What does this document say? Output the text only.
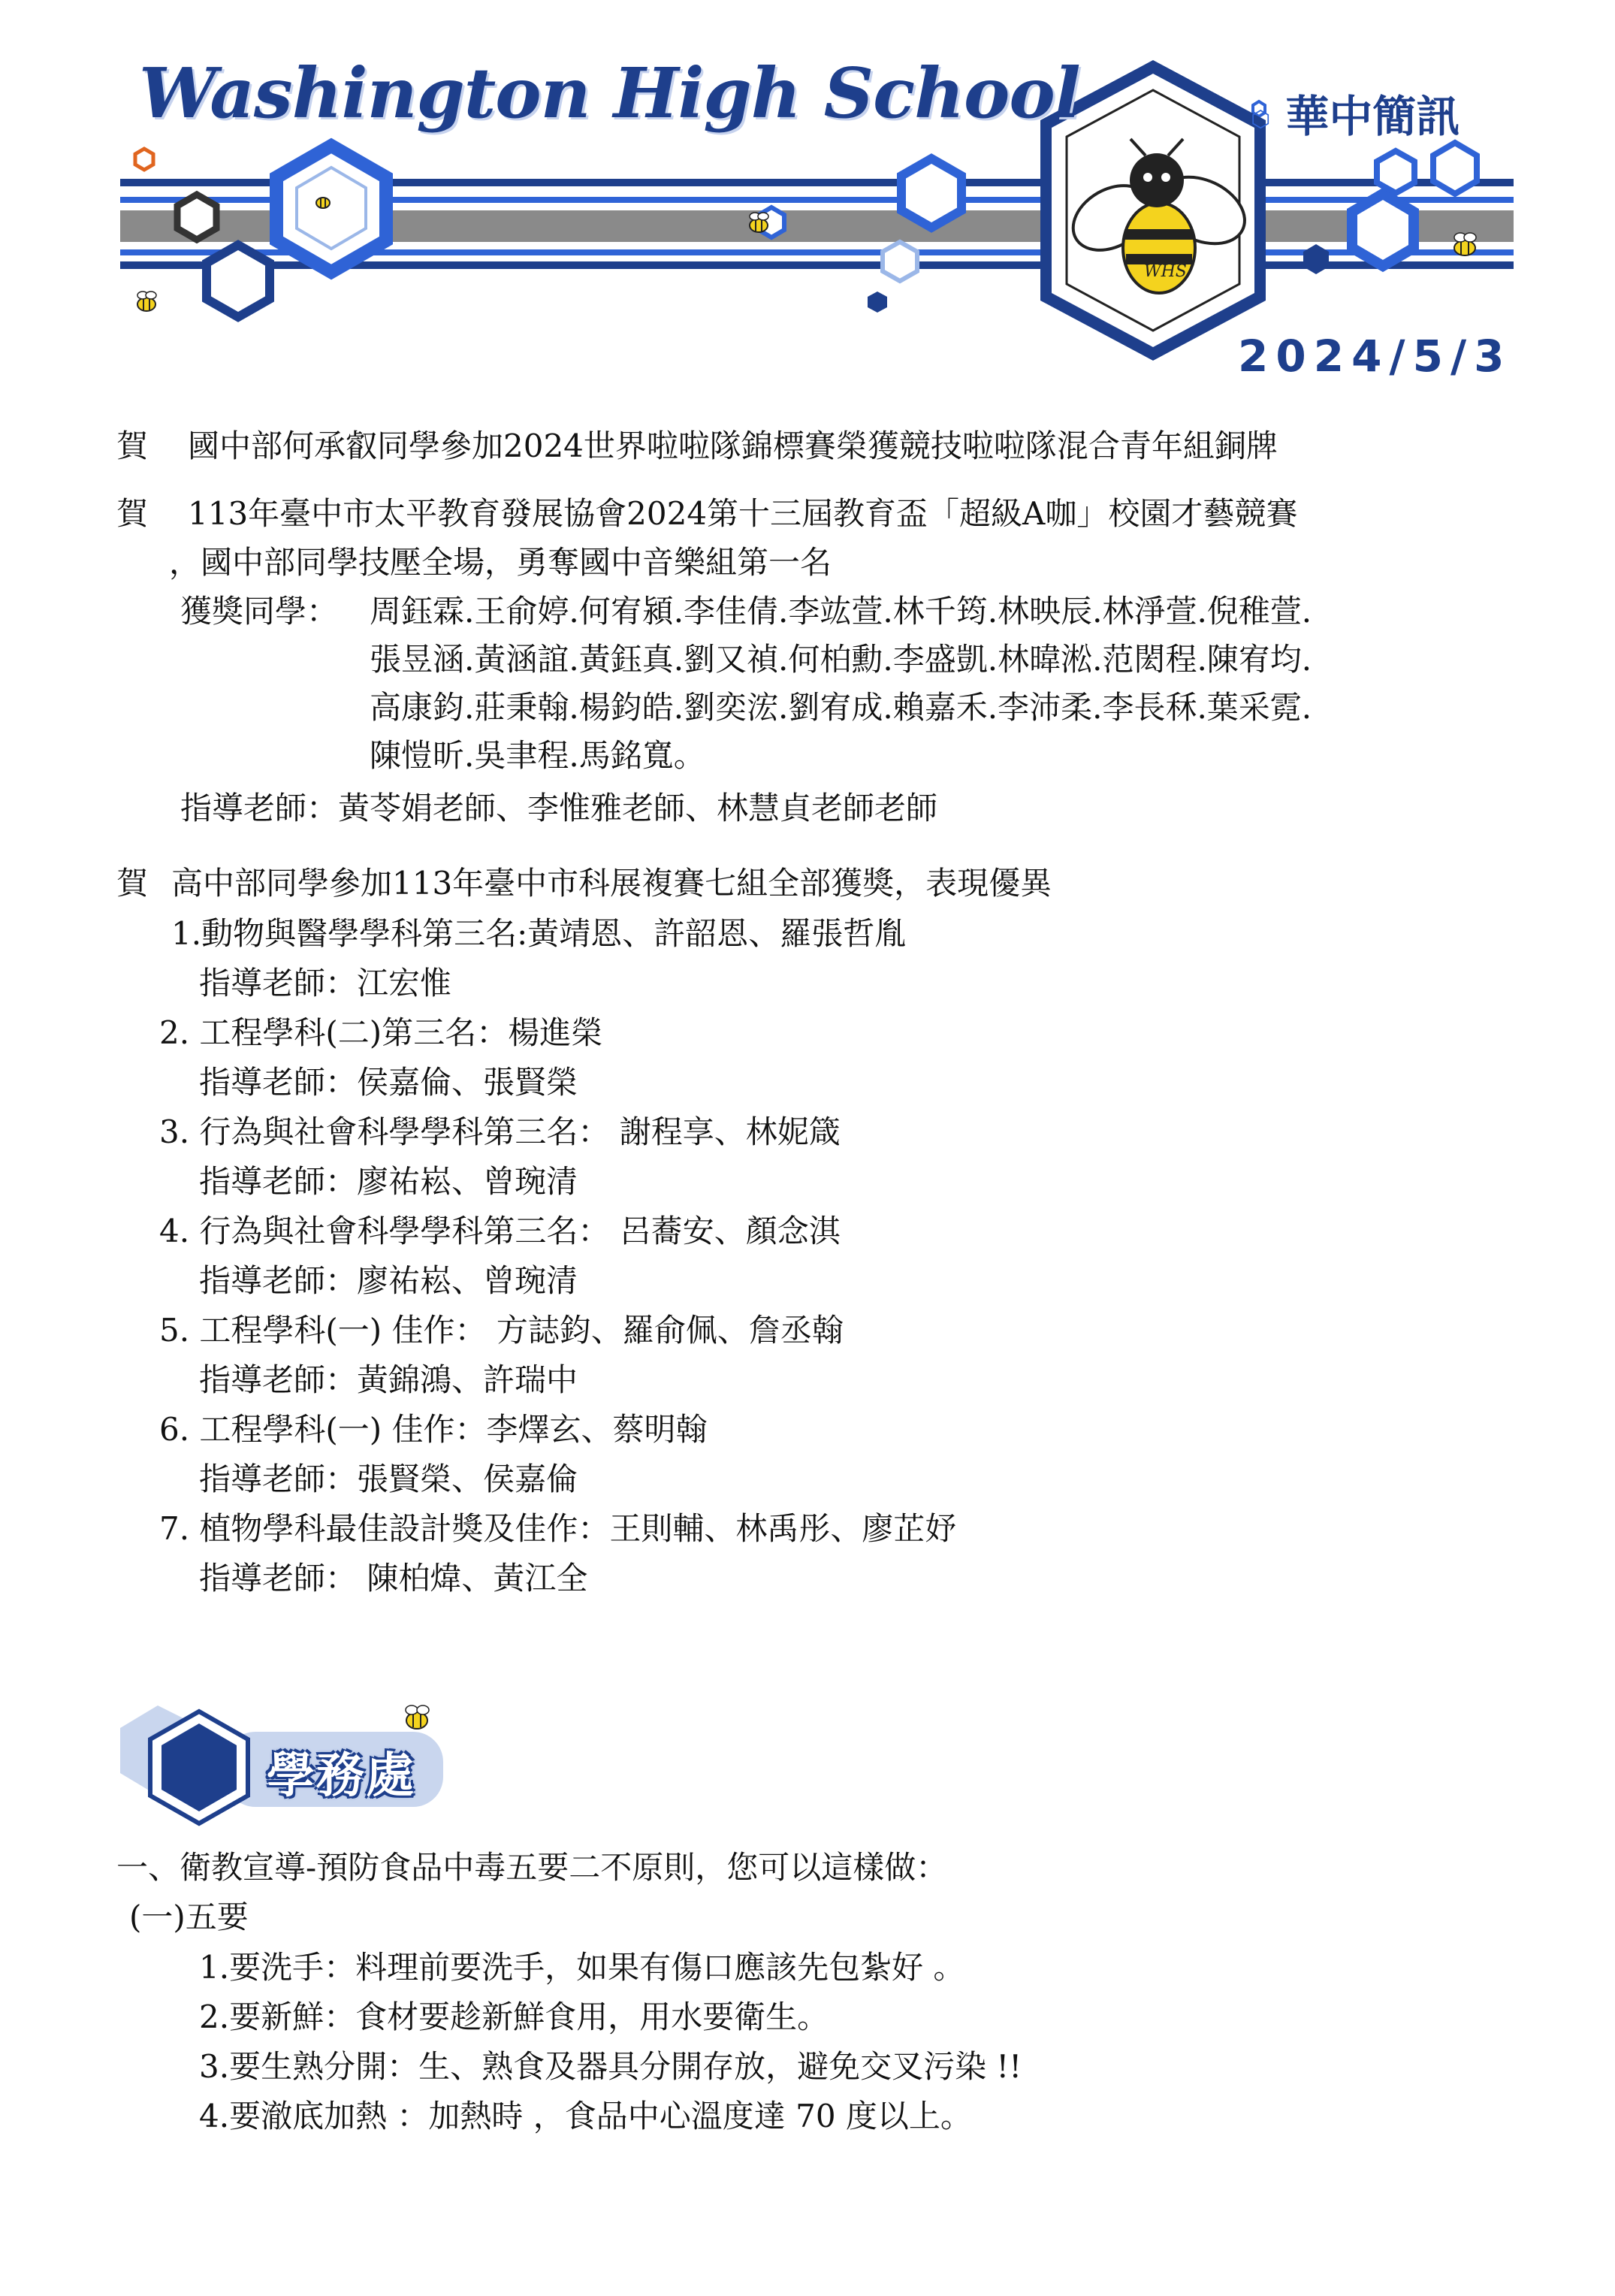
WHS
Washington High School	⬡ 華中簡訊
2024/5/3
賀 國中部何承叡同學參加2024世界啦啦隊錦標賽榮獲競技啦啦隊混合青年組銅牌
賀 113年臺中市太平教育發展協會2024第十三屆教育盃「超級A咖」校園才藝競賽
，國中部同學技壓全場，勇奪國中音樂組第一名
獲獎同學： 周鈺霖.王俞婷.何宥潁.李佳倩.李竑萱.林千筠.林映辰.林淨萱.倪稚萱.
張昱涵.黃涵誼.黃鈺真.劉又禎.何柏勳.李盛凱.林暐淞.范閎程.陳宥均.
高康鈞.莊秉翰.楊鈞皓.劉奕浤.劉宥成.賴嘉禾.李沛柔.李長秝.葉采霓.
陳愷昕.吳聿程.馬銘寬。
指導老師：黃苓娟老師、李惟雅老師、林慧貞老師老師
賀 高中部同學參加113年臺中市科展複賽七組全部獲獎，表現優異
1.動物與醫學學科第三名:黃靖恩、許韶恩、羅張哲胤
指導老師：江宏惟
2. 工程學科(二)第三名：楊進榮
指導老師：侯嘉倫、張賢榮
3. 行為與社會科學學科第三名： 謝程享、林妮箴
指導老師：廖祐崧、曾琬清
4. 行為與社會科學學科第三名： 呂蕎安、顏念淇
指導老師：廖祐崧、曾琬清
5. 工程學科(一) 佳作： 方誌鈞、羅俞佩、詹丞翰
指導老師：黃錦鴻、許瑞中
6. 工程學科(一) 佳作：李燡玄、蔡明翰
指導老師：張賢榮、侯嘉倫
7. 植物學科最佳設計獎及佳作：王則輔、林禹彤、廖芷妤
指導老師： 陳柏煒、黃江全
學務處
一、衛教宣導-預防食品中毒五要二不原則，您可以這樣做：
(一)五要
1.要洗手：料理前要洗手，如果有傷口應該先包紮好 。
2.要新鮮：食材要趁新鮮食用，用水要衛生。
3.要生熟分開：生、熟食及器具分開存放，避免交叉污染 !!
4.要澈底加熱 ：加熱時 ，食品中心溫度達 70 度以上。
